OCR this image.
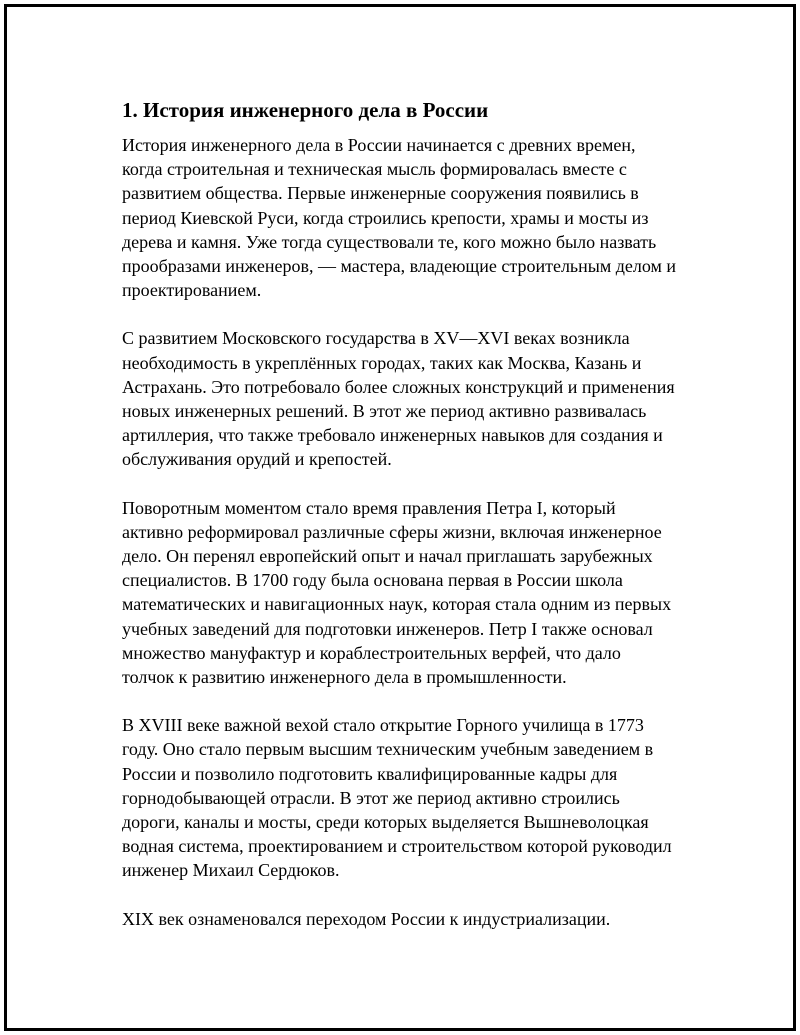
1. История инженерного дела в России

История инженерного дела в России начинается с древних времен,
когда строительная и техническая мысль формировалась вместе с
развитием общества. Первые инженерные сооружения появились в
период Киевской Руси, когда строились крепости, храмы и мосты из
дерева и камня. Уже тогда существовали те, кого можно было назвать
прообразами инженеров, — мастера, владеющие строительным делом и
проектированием.

С развитием Московского государства в XV—XVI веках возникла
необходимость в укреплённых городах, таких как Москва, Казань и
Астрахань. Это потребовало более сложных конструкций и применения
новых инженерных решений. В этот же период активно развивалась
артиллерия, что также требовало инженерных навыков для создания и
обслуживания орудий и крепостей.

Поворотным моментом стало время правления Петра I, который
активно реформировал различные сферы жизни, включая инженерное
дело. Он перенял европейский опыт и начал приглашать зарубежных
специалистов. В 1700 году была основана первая в России школа
математических и навигационных наук, которая стала одним из первых
учебных заведений для подготовки инженеров. Петр I также основал
множество мануфактур и кораблестроительных верфей, что дало
толчок к развитию инженерного дела в промышленности.

В XVIII веке важной вехой стало открытие Горного училища в 1773
году. Оно стало первым высшим техническим учебным заведением в
России и позволило подготовить квалифицированные кадры для
горнодобывающей отрасли. В этот же период активно строились
дороги, каналы и мосты, среди которых выделяется Вышневолоцкая
водная система, проектированием и строительством которой руководил
инженер Михаил Сердюков.

XIX век ознаменовался переходом России к индустриализации.
